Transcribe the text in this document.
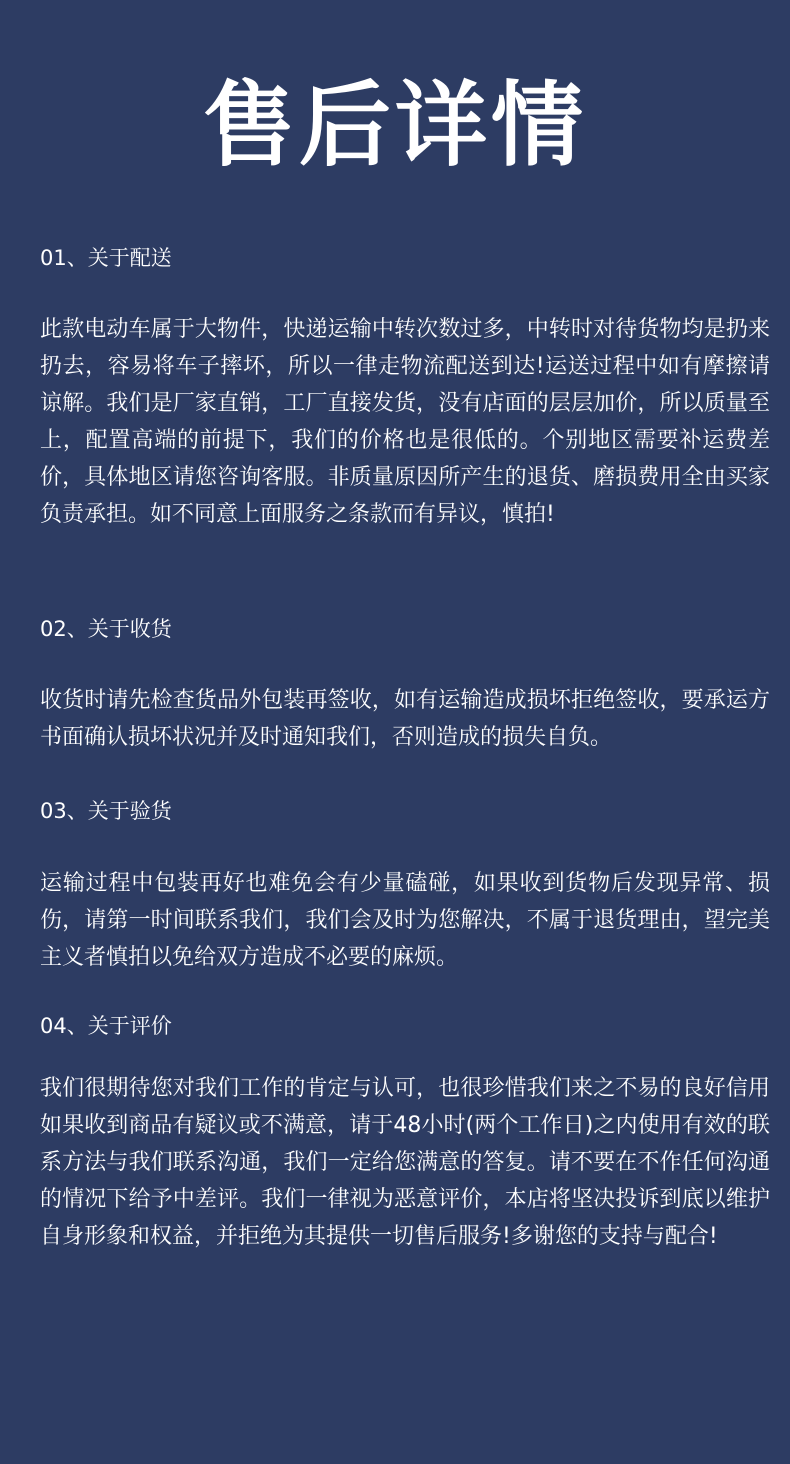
售后详情
01、关于配送
此款电动车属于大物件，快递运输中转次数过多，中转时对待货物均是扔来扔去，容易将车子摔坏，所以一律走物流配送到达!运送过程中如有摩擦请谅解。我们是厂家直销，工厂直接发货，没有店面的层层加价，所以质量至上，配置高端的前提下，我们的价格也是很低的。个别地区需要补运费差价，具体地区请您咨询客服。非质量原因所产生的退货、磨损费用全由买家负责承担。如不同意上面服务之条款而有异议，慎拍!
02、关于收货
收货时请先检查货品外包装再签收，如有运输造成损坏拒绝签收，要承运方书面确认损坏状况并及时通知我们，否则造成的损失自负。
03、关于验货
运输过程中包装再好也难免会有少量磕碰，如果收到货物后发现异常、损伤，请第一时间联系我们，我们会及时为您解决，不属于退货理由，望完美主义者慎拍以免给双方造成不必要的麻烦。
04、关于评价
我们很期待您对我们工作的肯定与认可，也很珍惜我们来之不易的良好信用如果收到商品有疑议或不满意，请于48小时(两个工作日)之内使用有效的联系方法与我们联系沟通，我们一定给您满意的答复。请不要在不作任何沟通的情况下给予中差评。我们一律视为恶意评价，本店将坚决投诉到底以维护自身形象和权益，并拒绝为其提供一切售后服务!多谢您的支持与配合!
